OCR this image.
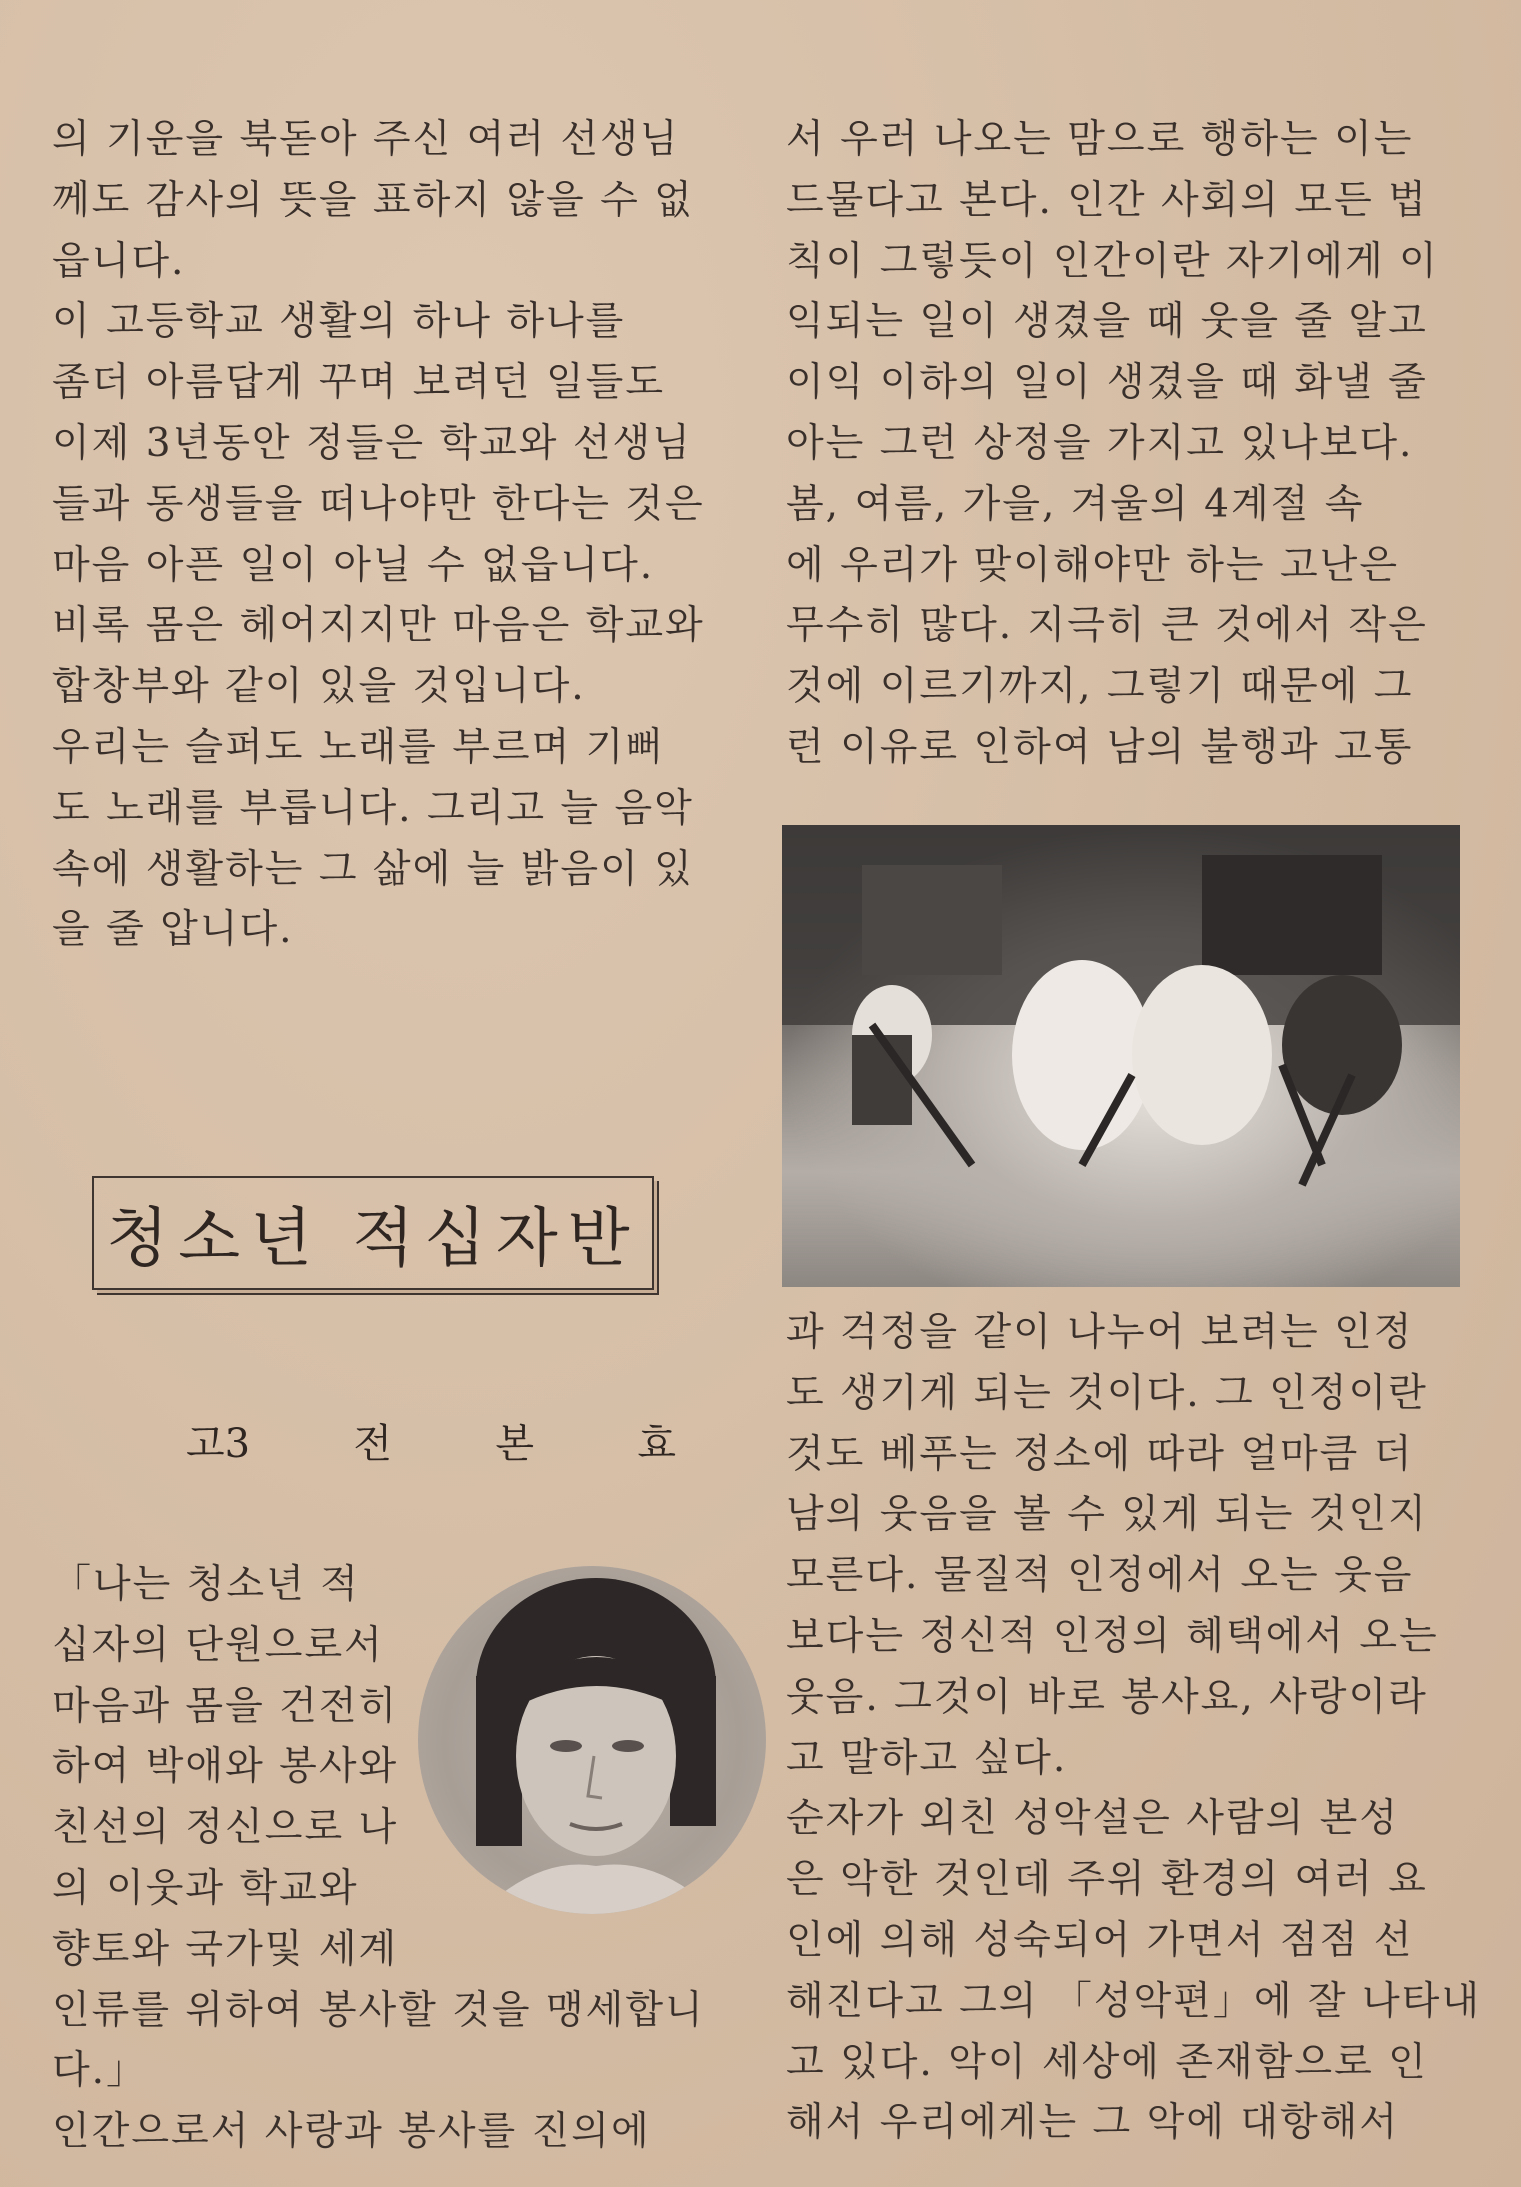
의 기운을 북돋아 주신 여러 선생님
께도 감사의 뜻을 표하지 않을 수 없
읍니다.
이 고등학교 생활의 하나 하나를
좀더 아름답게 꾸며 보려던 일들도
이제 3년동안 정들은 학교와 선생님
들과 동생들을 떠나야만 한다는 것은
마음 아픈 일이 아닐 수 없읍니다.
비록 몸은 헤어지지만 마음은 학교와
합창부와 같이 있을 것입니다.
우리는 슬퍼도 노래를 부르며 기뻐
도 노래를 부릅니다. 그리고 늘 음악
속에 생활하는 그 삶에 늘 밝음이 있
을 줄 압니다.
청소년 적십자반
고3	전	본	효
「나는 청소년 적
십자의 단원으로서
마음과 몸을 건전히
하여 박애와 봉사와
친선의 정신으로 나
의 이웃과 학교와
향토와 국가및 세계
인류를 위하여 봉사할 것을 맹세합니
다.」
인간으로서 사랑과 봉사를 진의에
서 우러 나오는 맘으로 행하는 이는
드물다고 본다. 인간 사회의 모든 법
칙이 그렇듯이 인간이란 자기에게 이
익되는 일이 생겼을 때 웃을 줄 알고
이익 이하의 일이 생겼을 때 화낼 줄
아는 그런 상정을 가지고 있나보다.
봄, 여름, 가을, 겨울의 4계절 속
에 우리가 맞이해야만 하는 고난은
무수히 많다. 지극히 큰 것에서 작은
것에 이르기까지, 그렇기 때문에 그
런 이유로 인하여 남의 불행과 고통
과 걱정을 같이 나누어 보려는 인정
도 생기게 되는 것이다. 그 인정이란
것도 베푸는 정소에 따라 얼마큼 더
남의 웃음을 볼 수 있게 되는 것인지
모른다. 물질적 인정에서 오는 웃음
보다는 정신적 인정의 혜택에서 오는
웃음. 그것이 바로 봉사요, 사랑이라
고 말하고 싶다.
순자가 외친 성악설은 사람의 본성
은 악한 것인데 주위 환경의 여러 요
인에 의해 성숙되어 가면서 점점 선
해진다고 그의 「성악편」에 잘 나타내
고 있다. 악이 세상에 존재함으로 인
해서 우리에게는 그 악에 대항해서
